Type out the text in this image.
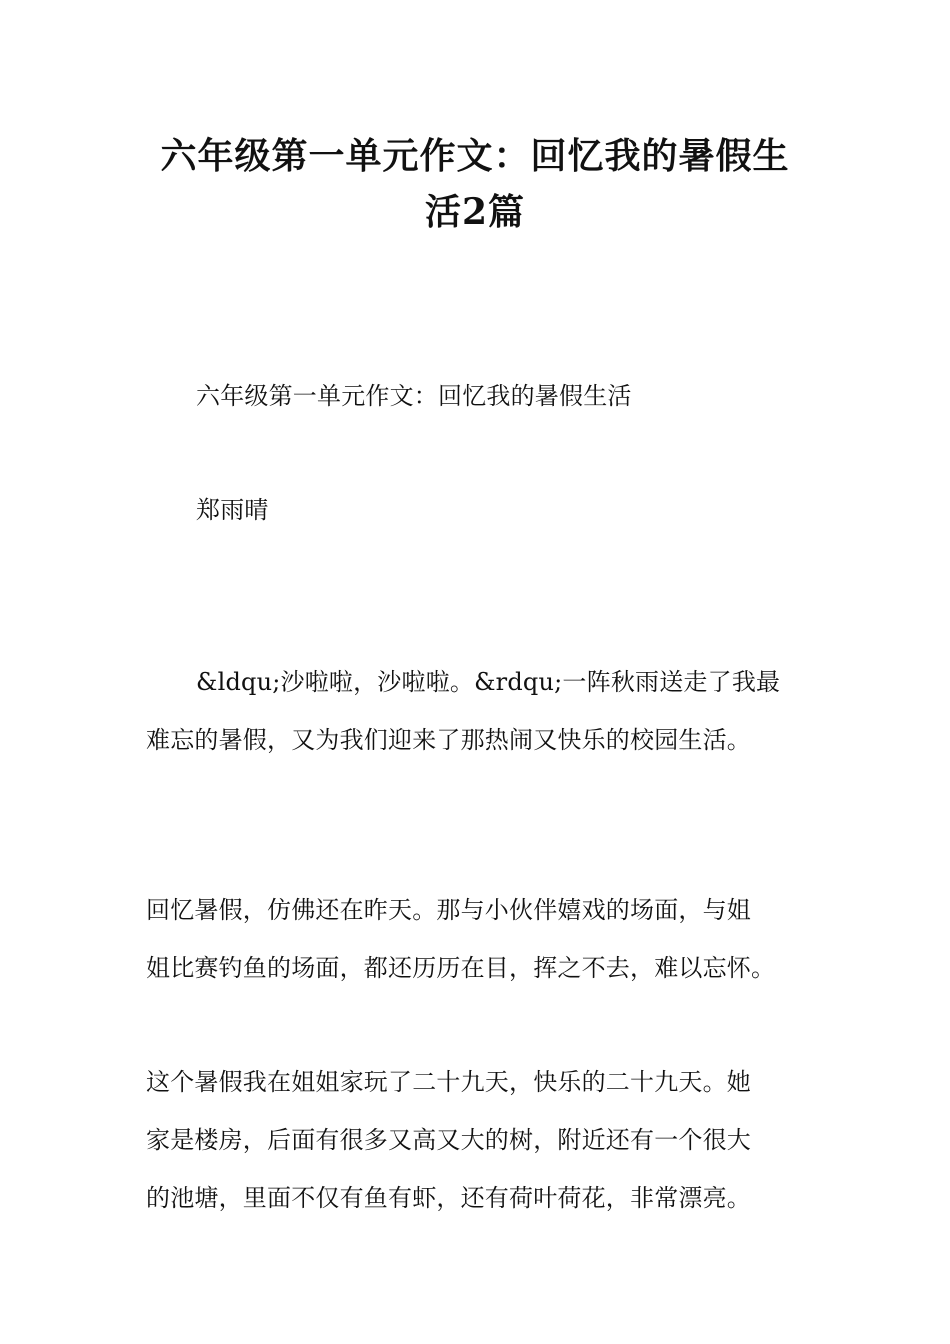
六年级第一单元作文：回忆我的暑假生
活2篇
六年级第一单元作文：回忆我的暑假生活
郑雨晴
&ldqu;沙啦啦，沙啦啦。&rdqu;一阵秋雨送走了我最
难忘的暑假，又为我们迎来了那热闹又快乐的校园生活。
回忆暑假，仿佛还在昨天。那与小伙伴嬉戏的场面，与姐
姐比赛钓鱼的场面，都还历历在目，挥之不去，难以忘怀。
这个暑假我在姐姐家玩了二十九天，快乐的二十九天。她
家是楼房，后面有很多又高又大的树，附近还有一个很大
的池塘，里面不仅有鱼有虾，还有荷叶荷花，非常漂亮。
